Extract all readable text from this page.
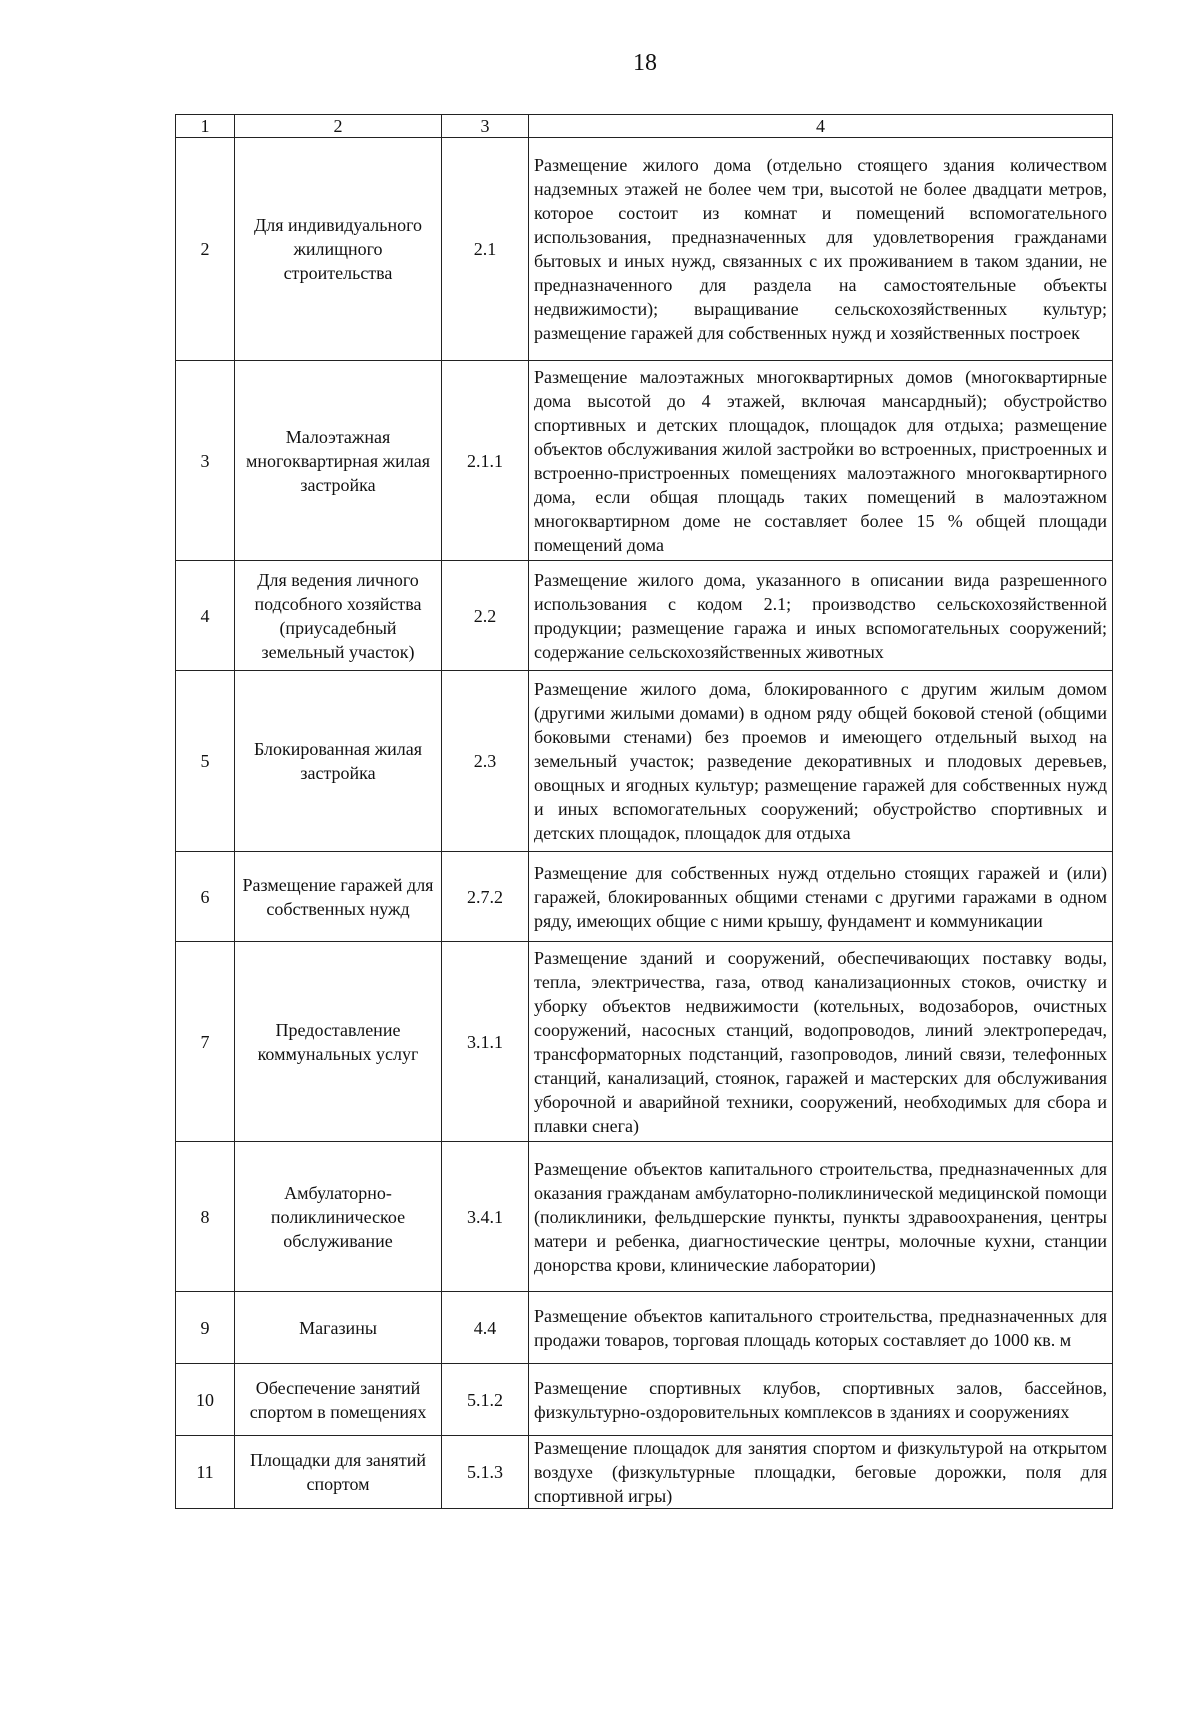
18
1	2	3	4
2	Для индивидуального жилищного строительства	2.1	Размещение жилого дома (отдельно стоящего здания количеством надземных этажей не более чем три, высотой не более двадцати метров, которое состоит из комнат и помещений вспомогательного использования, предназначенных для удовлетворения гражданами бытовых и иных нужд, связанных с их проживанием в таком здании, не предназначенного для раздела на самостоятельные объекты недвижимости); выращивание сельскохозяйственных культур; размещение гаражей для собственных нужд и хозяйственных построек
3	Малоэтажная многоквартирная жилая застройка	2.1.1	Размещение малоэтажных многоквартирных домов (многоквартирные дома высотой до 4 этажей, включая мансардный); обустройство спортивных и детских площадок, площадок для отдыха; размещение объектов обслуживания жилой застройки во встроенных, пристроенных и встроенно-пристроенных помещениях малоэтажного многоквартирного дома, если общая площадь таких помещений в малоэтажном многоквартирном доме не составляет более 15 % общей площади помещений дома
4	Для ведения личного подсобного хозяйства (приусадебный земельный участок)	2.2	Размещение жилого дома, указанного в описании вида разрешенного использования с кодом 2.1; производство сельскохозяйственной продукции; размещение гаража и иных вспомогательных сооружений; содержание сельскохозяйственных животных
5	Блокированная жилая застройка	2.3	Размещение жилого дома, блокированного с другим жилым домом (другими жилыми домами) в одном ряду общей боковой стеной (общими боковыми стенами) без проемов и имеющего отдельный выход на земельный участок; разведение декоративных и плодовых деревьев, овощных и ягодных культур; размещение гаражей для собственных нужд и иных вспомогательных сооружений; обустройство спортивных и детских площадок, площадок для отдыха
6	Размещение гаражей для собственных нужд	2.7.2	Размещение для собственных нужд отдельно стоящих гаражей и (или) гаражей, блокированных общими стенами с другими гаражами в одном ряду, имеющих общие с ними крышу, фундамент и коммуникации
7	Предоставление коммунальных услуг	3.1.1	Размещение зданий и сооружений, обеспечивающих поставку воды, тепла, электричества, газа, отвод канализационных стоков, очистку и уборку объектов недвижимости (котельных, водозаборов, очистных сооружений, насосных станций, водопроводов, линий электропередач, трансформаторных подстанций, газопроводов, линий связи, телефонных станций, канализаций, стоянок, гаражей и мастерских для обслуживания уборочной и аварийной техники, сооружений, необходимых для сбора и плавки снега)
8	Амбулаторно-поликлиническое обслуживание	3.4.1	Размещение объектов капитального строительства, предназначенных для оказания гражданам амбулаторно-поликлинической медицинской помощи (поликлиники, фельдшерские пункты, пункты здравоохранения, центры матери и ребенка, диагностические центры, молочные кухни, станции донорства крови, клинические лаборатории)
9	Магазины	4.4	Размещение объектов капитального строительства, предназначенных для продажи товаров, торговая площадь которых составляет до 1000 кв. м
10	Обеспечение занятий спортом в помещениях	5.1.2	Размещение спортивных клубов, спортивных залов, бассейнов, физкультурно-оздоровительных комплексов в зданиях и сооружениях
11	Площадки для занятий спортом	5.1.3	Размещение площадок для занятия спортом и физкультурой на открытом воздухе (физкультурные площадки, беговые дорожки, поля для спортивной игры)
